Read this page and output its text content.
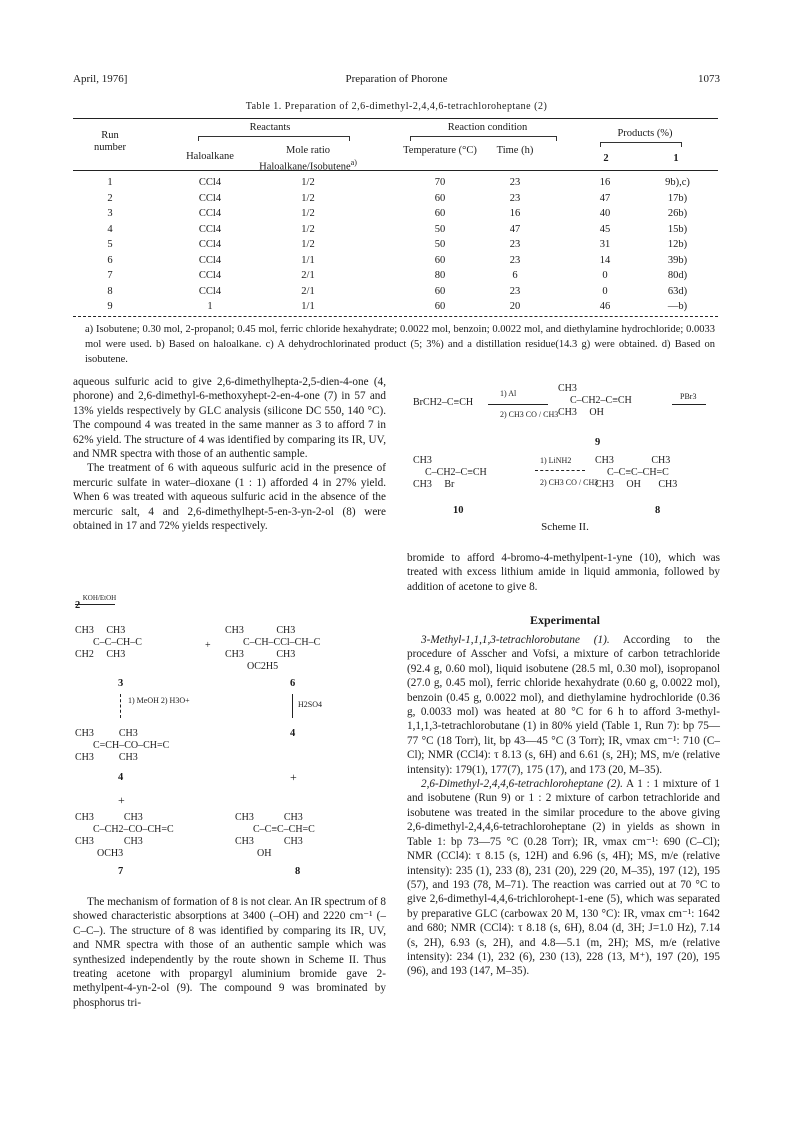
April, 1976]	Preparation of Phorone	1073
Table 1. Preparation of 2,6-dimethyl-2,4,4,6-tetrachloroheptane (2)
Run number
Reactants
Haloalkane
Mole ratio Haloalkane/Isobutene$^{a)}$
Reaction condition
Temperature (°C)	Time (h)
Products (%)
2	1
1	CCl4	1/2	70	23	16	9b),c)
2	CCl4	1/2	60	23	47	17b)
3	CCl4	1/2	60	16	40	26b)
4	CCl4	1/2	50	47	45	15b)
5	CCl4	1/2	50	23	31	12b)
6	CCl4	1/1	60	23	14	39b)
7	CCl4	2/1	80	6	0	80d)
8	CCl4	2/1	60	23	0	63d)
9	1	1/1	60	20	46	—b)
a) Isobutene; 0.30 mol, 2-propanol; 0.45 mol, ferric chloride hexahydrate; 0.0022 mol, benzoin; 0.0022 mol, and diethylamine hydrochloride; 0.0033 mol were used. b) Based on haloalkane. c) A dehydrochlorinated product (5; 3%) and a distillation residue(14.3 g) were obtained. d) Based on isobutene.

aqueous sulfuric acid to give 2,6-dimethylhepta-2,5-dien-4-one (4, phorone) and 2,6-dimethyl-6-methoxyhept-2-en-4-one (7) in 57 and 13% yields respectively by GLC analysis (silicone DC 550, 140 °C). The compound 4 was treated in the same manner as 3 to afford 7 in 62% yield. The structure of 4 was identified by comparing its IR, UV, and NMR spectra with those of an authentic sample.

The treatment of 6 with aqueous sulfuric acid in the presence of mercuric sulfate in water–dioxane (1 : 1) afforded 4 in 27% yield. When 6 was treated with aqueous sulfuric acid in the absence of the mercuric salt, 4 and 2,6-dimethylhept-5-en-3-yn-2-ol (8) were obtained in 17 and 72% yields respectively.

2 $^{KOH/EtOH}$
CH3     CH3
C–C–CH–C
CH2     CH3
+
CH3             CH3
C–CH–CCl–CH–C
CH3             CH3
OC2H5
3	6
1) MeOH 2) H3O+	H2SO4
CH3          CH3
C=CH–CO–CH=C
CH3          CH3
4
4	+
+
CH3            CH3
C–CH2–CO–CH=C
CH3            CH3
OCH3
CH3            CH3
C–C≡C–CH=C
CH3            CH3
OH
7	8

The mechanism of formation of 8 is not clear. An IR spectrum of 8 showed characteristic absorptions at 3400 (–OH) and 2220 cm⁻¹ (–C–C–). The structure of 8 was identified by comparing its IR, UV, and NMR spectra with those of an authentic sample which was synthesized independently by the route shown in Scheme II. Thus treating acetone with propargyl aluminium bromide gave 2-methylpent-4-yn-2-ol (9). The compound 9 was brominated by phosphorus tri-

BrCH2–C≡CH
1) Al
2) CH3 CO / CH3
CH3
C–CH2–C≡CH
CH3     OH
PBr3
9
CH3
C–CH2–C≡CH
CH3     Br
1) LiNH2
2) CH3 CO / CH3
CH3               CH3
C–C≡C–CH=C
CH3     OH       CH3
10	8
Scheme II.

bromide to afford 4-bromo-4-methylpent-1-yne (10), which was treated with excess lithium amide in liquid ammonia, followed by addition of acetone to give 8.

Experimental

3-Methyl-1,1,1,3-tetrachlorobutane (1). According to the procedure of Asscher and Vofsi, a mixture of carbon tetrachloride (92.4 g, 0.60 mol), liquid isobutene (28.5 ml, 0.30 mol), isopropanol (27.0 g, 0.45 mol), ferric chloride hexahydrate (0.60 g, 0.0022 mol), benzoin (0.45 g, 0.0022 mol), and diethylamine hydrochloride (0.36 g, 0.0033 mol) was heated at 80 °C for 6 h to afford 3-methyl-1,1,1,3-tetrachlorobutane (1) in 80% yield (Table 1, Run 7): bp 75—77 °C (18 Torr), lit, bp 43—45 °C (3 Torr); IR, νmax cm⁻¹: 710 (C–Cl); NMR (CCl4): τ 8.13 (s, 6H) and 6.61 (s, 2H); MS, m/e (relative intensity): 179(1), 177(7), 175 (17), and 173 (20, M–35).

2,6-Dimethyl-2,4,4,6-tetrachloroheptane (2). A 1 : 1 mixture of 1 and isobutene (Run 9) or 1 : 2 mixture of carbon tetrachloride and isobutene was treated in the similar procedure to the above giving 2,6-dimethyl-2,4,4,6-tetrachloroheptane (2) in yields as shown in Table 1: bp 73—75 °C (0.28 Torr); IR, νmax cm⁻¹: 690 (C–Cl); NMR (CCl4): τ 8.15 (s, 12H) and 6.96 (s, 4H); MS, m/e (relative intensity): 235 (1), 233 (8), 231 (20), 229 (20, M–35), 197 (12), 195 (57), and 193 (78, M–71). The reaction was carried out at 70 °C to give 2,6-dimethyl-4,4,6-trichlorohept-1-ene (5), which was separated by preparative GLC (carbowax 20 M, 130 °C): IR, νmax cm⁻¹: 1642 and 680; NMR (CCl4): τ 8.18 (s, 6H), 8.04 (d, 3H; J=1.0 Hz), 7.14 (s, 2H), 6.93 (s, 2H), and 4.8—5.1 (m, 2H); MS, m/e (relative intensity): 234 (1), 232 (6), 230 (13), 228 (13, M⁺), 197 (20), 195 (96), and 193 (147, M–35).
